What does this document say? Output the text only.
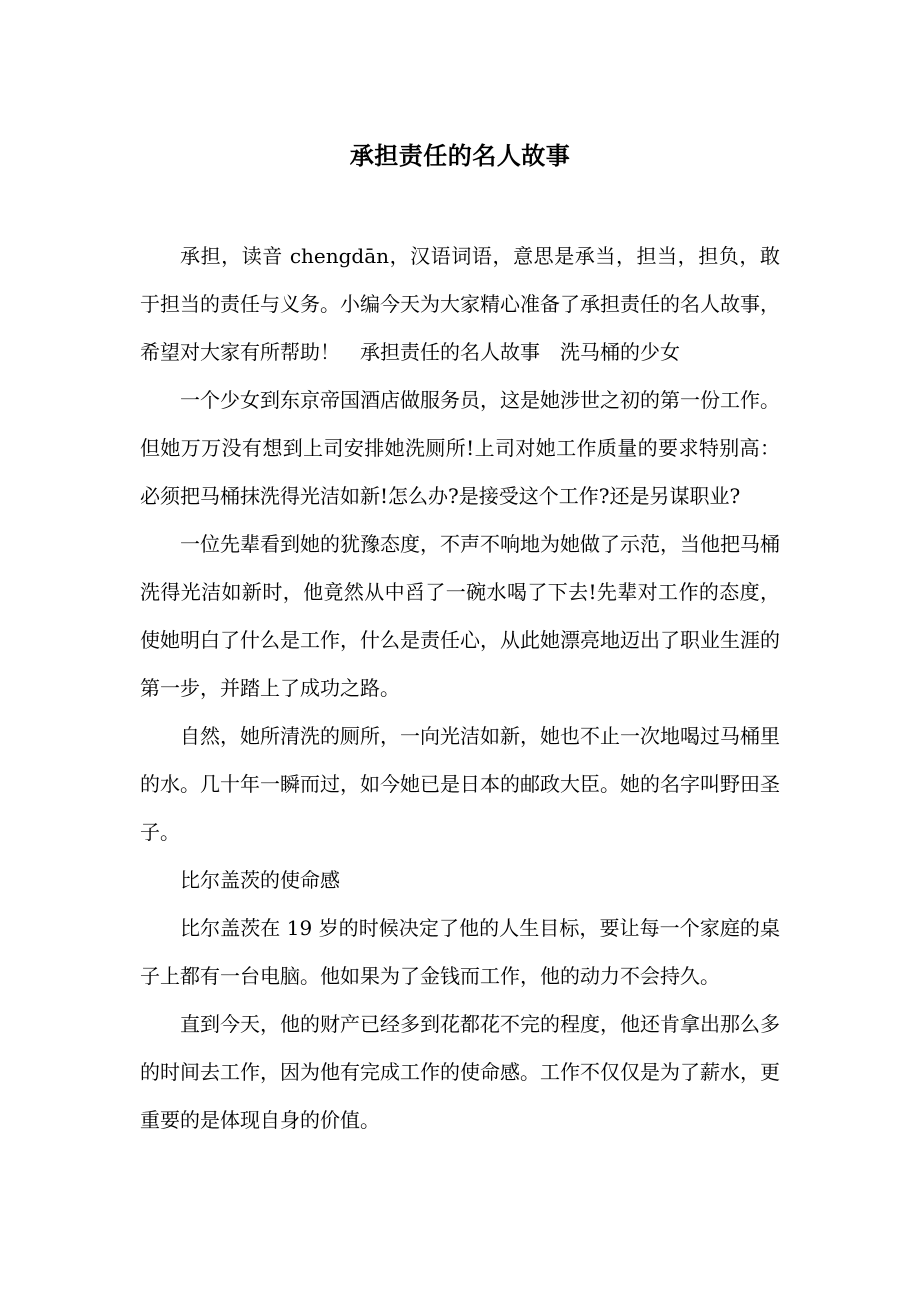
承担责任的名人故事

承担，读音 chengdān，汉语词语，意思是承当，担当，担负，敢于担当的责任与义务。小编今天为大家精心准备了承担责任的名人故事，希望对大家有所帮助！　承担责任的名人故事　洗马桶的少女

一个少女到东京帝国酒店做服务员，这是她涉世之初的第一份工作。但她万万没有想到上司安排她洗厕所!上司对她工作质量的要求特别高：必须把马桶抹洗得光洁如新!怎么办?是接受这个工作?还是另谋职业?

一位先辈看到她的犹豫态度，不声不响地为她做了示范，当他把马桶洗得光洁如新时，他竟然从中舀了一碗水喝了下去!先辈对工作的态度，使她明白了什么是工作，什么是责任心，从此她漂亮地迈出了职业生涯的第一步，并踏上了成功之路。

自然，她所清洗的厕所，一向光洁如新，她也不止一次地喝过马桶里的水。几十年一瞬而过，如今她已是日本的邮政大臣。她的名字叫野田圣子。

比尔盖茨的使命感

比尔盖茨在 19 岁的时候决定了他的人生目标，要让每一个家庭的桌子上都有一台电脑。他如果为了金钱而工作，他的动力不会持久。

直到今天，他的财产已经多到花都花不完的程度，他还肯拿出那么多的时间去工作，因为他有完成工作的使命感。工作不仅仅是为了薪水，更重要的是体现自身的价值。
